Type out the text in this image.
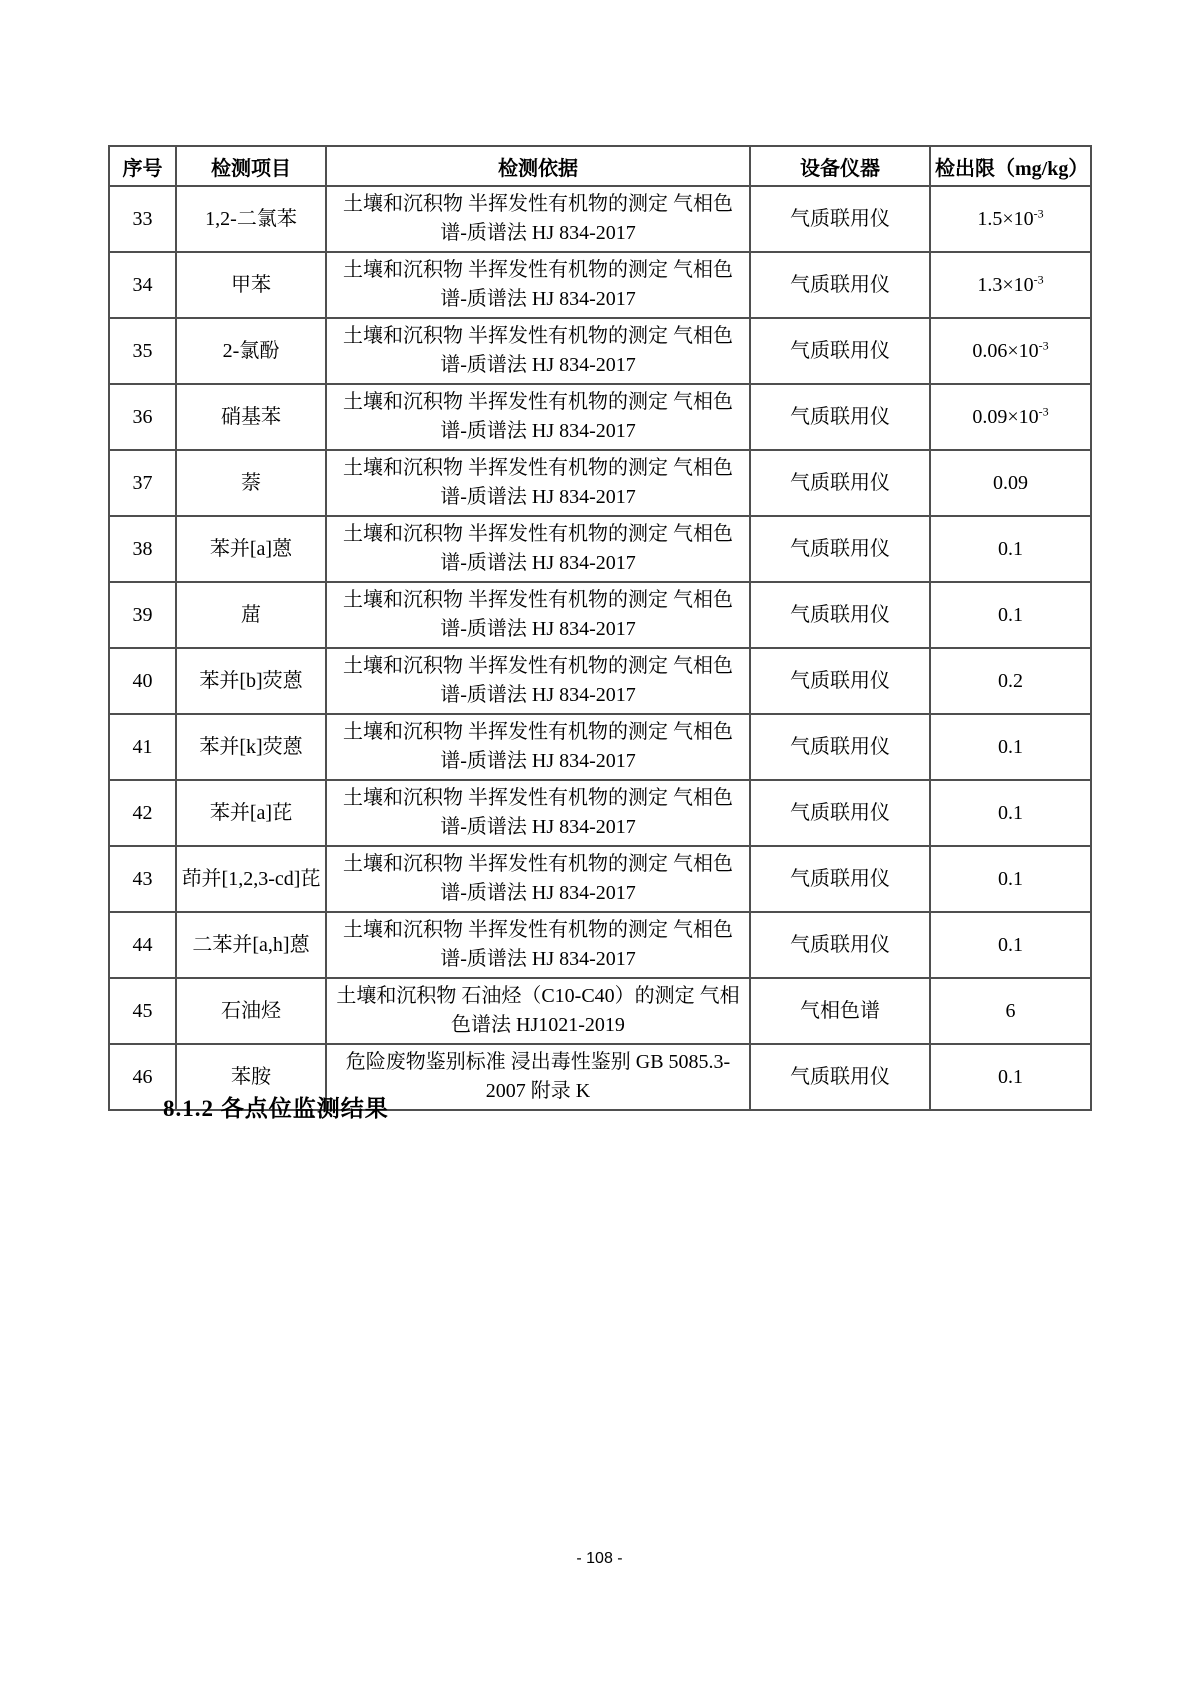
序号	检测项目	检测依据	设备仪器	检出限（mg/kg）
33	1,2-二氯苯	土壤和沉积物 半挥发性有机物的测定 气相色谱-质谱法 HJ 834-2017	气质联用仪	$1.5\times 10^{-3}$
34	甲苯	土壤和沉积物 半挥发性有机物的测定 气相色谱-质谱法 HJ 834-2017	气质联用仪	$1.3\times 10^{-3}$
35	2-氯酚	土壤和沉积物 半挥发性有机物的测定 气相色谱-质谱法 HJ 834-2017	气质联用仪	$0.06\times 10^{-3}$
36	硝基苯	土壤和沉积物 半挥发性有机物的测定 气相色谱-质谱法 HJ 834-2017	气质联用仪	$0.09\times 10^{-3}$
37	萘	土壤和沉积物 半挥发性有机物的测定 气相色谱-质谱法 HJ 834-2017	气质联用仪	0.09
38	苯并[a]蒽	土壤和沉积物 半挥发性有机物的测定 气相色谱-质谱法 HJ 834-2017	气质联用仪	0.1
39	䓛	土壤和沉积物 半挥发性有机物的测定 气相色谱-质谱法 HJ 834-2017	气质联用仪	0.1
40	苯并[b]荧蒽	土壤和沉积物 半挥发性有机物的测定 气相色谱-质谱法 HJ 834-2017	气质联用仪	0.2
41	苯并[k]荧蒽	土壤和沉积物 半挥发性有机物的测定 气相色谱-质谱法 HJ 834-2017	气质联用仪	0.1
42	苯并[a]芘	土壤和沉积物 半挥发性有机物的测定 气相色谱-质谱法 HJ 834-2017	气质联用仪	0.1
43	茚并[1,2,3-cd]芘	土壤和沉积物 半挥发性有机物的测定 气相色谱-质谱法 HJ 834-2017	气质联用仪	0.1
44	二苯并[a,h]蒽	土壤和沉积物 半挥发性有机物的测定 气相色谱-质谱法 HJ 834-2017	气质联用仪	0.1
45	石油烃	土壤和沉积物 石油烃（C10-C40）的测定 气相色谱法 HJ1021-2019	气相色谱	6
46	苯胺	危险废物鉴别标准 浸出毒性鉴别 GB 5085.3-2007 附录 K	气质联用仪	0.1
8.1.2 各点位监测结果
- 108 -
